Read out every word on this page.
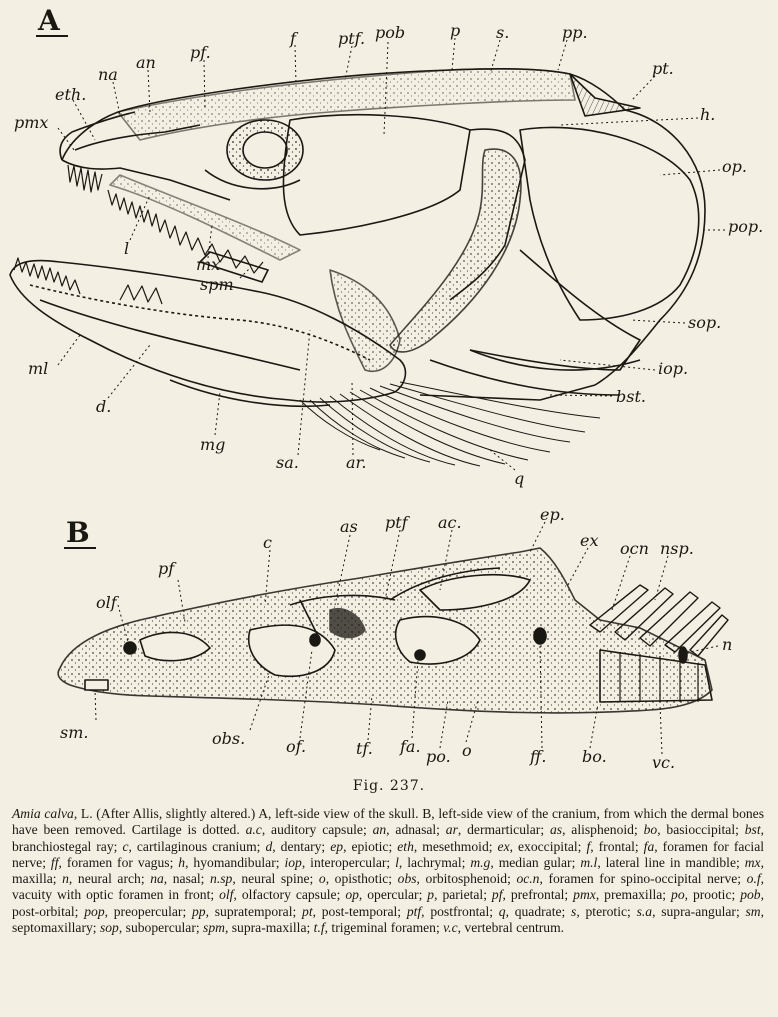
A
pmx
eth.
na
an
pf.
f	ptf. pob	p s.	pp.
pt.
h.
op.
pop.
sop.
iop.
bst.
q
ar.
sa.
mg
d.
ml
l
mx
spm
B
olf
pf
c
as ptf ac.	ep.
ex ocn nsp.
n
sm.	obs.	of.	tf. fa.
po. o	ff. bo.	vc.
Fig. 237.
Amia calva, L. (After Allis, slightly altered.) A, left-side view of the skull. B, left-side view of the cranium, from which the dermal bones have been removed. Cartilage is dotted. a.c, auditory capsule; an, adnasal; ar, dermarticular; as, alisphenoid; bo, basioccipital; bst, branchiostegal ray; c, cartilaginous cranium; d, dentary; ep, epiotic; eth, mesethmoid; ex, exoccipital; f, frontal; fa, foramen for facial nerve; ff, foramen for vagus; h, hyomandibular; iop, interopercular; l, lachrymal; m.g, median gular; m.l, lateral line in mandible; mx, maxilla; n, neural arch; na, nasal; n.sp, neural spine; o, opisthotic; obs, orbitosphenoid; oc.n, foramen for spino-occipital nerve; o.f, vacuity with optic foramen in front; olf, olfactory capsule; op, opercular; p, parietal; pf, prefrontal; pmx, premaxilla; po, prootic; pob, post-orbital; pop, preopercular; pp, supratemporal; pt, post-temporal; ptf, postfrontal; q, quadrate; s, pterotic; s.a, supra-angular; sm, septomaxillary; sop, subopercular; spm, supra-maxilla; t.f, trigeminal foramen; v.c, vertebral centrum.
